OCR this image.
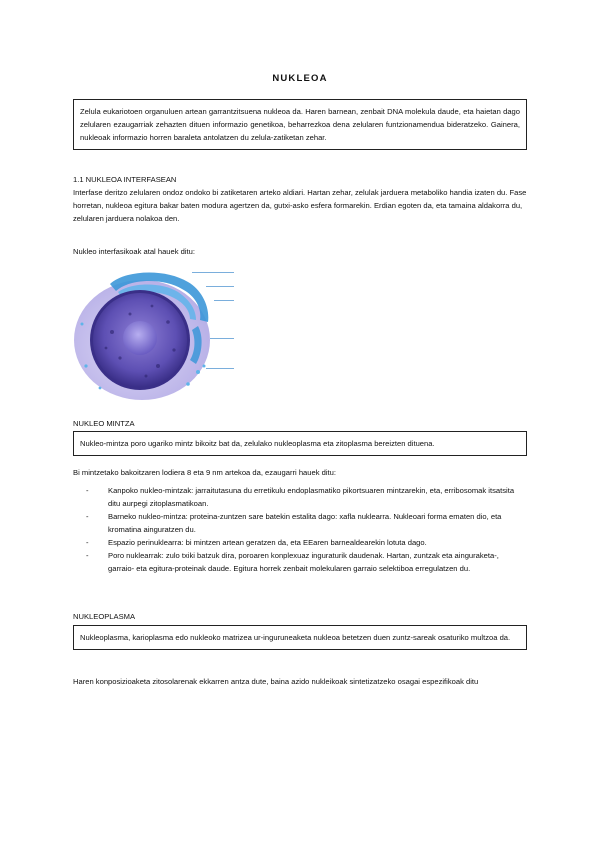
NUKLEOA
Zelula eukariotoen organuluen artean garrantzitsuena nukleoa da. Haren barnean, zenbait DNA molekula daude, eta haietan dago zelularen ezaugarriak zehazten dituen informazio genetikoa, beharrezkoa dena zelularen funtzionamendua bideratzeko. Gainera, nukleoak informazio horren baraleta antolatzen du zelula-zatiketan zehar.
1.1 NUKLEOA INTERFASEAN
Interfase deritzo zelularen ondoz ondoko bi zatiketaren arteko aldiari. Hartan zehar, zelulak jarduera metaboliko handia izaten du. Fase horretan, nukleoa egitura bakar baten modura agertzen da, gutxi-asko esfera formarekin. Erdian egoten da, eta tamaina aldakorra du, zelularen jarduera nolakoa den.
Nukleo interfasikoak atal hauek ditu:
NUKLEO MINTZA
Nukleo-mintza poro ugariko mintz bikoitz bat da, zelulako nukleoplasma eta zitoplasma bereizten dituena.
Bi mintzetako bakoitzaren lodiera 8 eta 9 nm artekoa da, ezaugarri hauek ditu:
- Kanpoko nukleo-mintzak: jarraitutasuna du erretikulu endoplasmatiko pikortsuaren mintzarekin, eta, erribosomak itsatsita ditu aurpegi zitoplasmatikoan.
- Barneko nukleo-mintza: proteina-zuntzen sare batekin estalita dago: xafla nuklearra. Nukleoari forma ematen dio, eta kromatina ainguratzen du.
- Espazio perinuklearra: bi mintzen artean geratzen da, eta EEaren barnealdearekin lotuta dago.
- Poro nuklearrak: zulo txiki batzuk dira, poroaren konplexuaz inguraturik daudenak. Hartan, zuntzak eta ainguraketa-, garraio- eta egitura-proteinak daude. Egitura horrek zenbait molekularen garraio selektiboa erregulatzen du.
NUKLEOPLASMA
Nukleoplasma, karioplasma edo nukleoko matrizea ur-inguruneaketa nukleoa betetzen duen zuntz-sareak osaturiko multzoa da.
Haren konposizioaketa zitosolarenak ekkarren antza dute, baina azido nukleikoak sintetizatzeko osagai espezifikoak ditu
